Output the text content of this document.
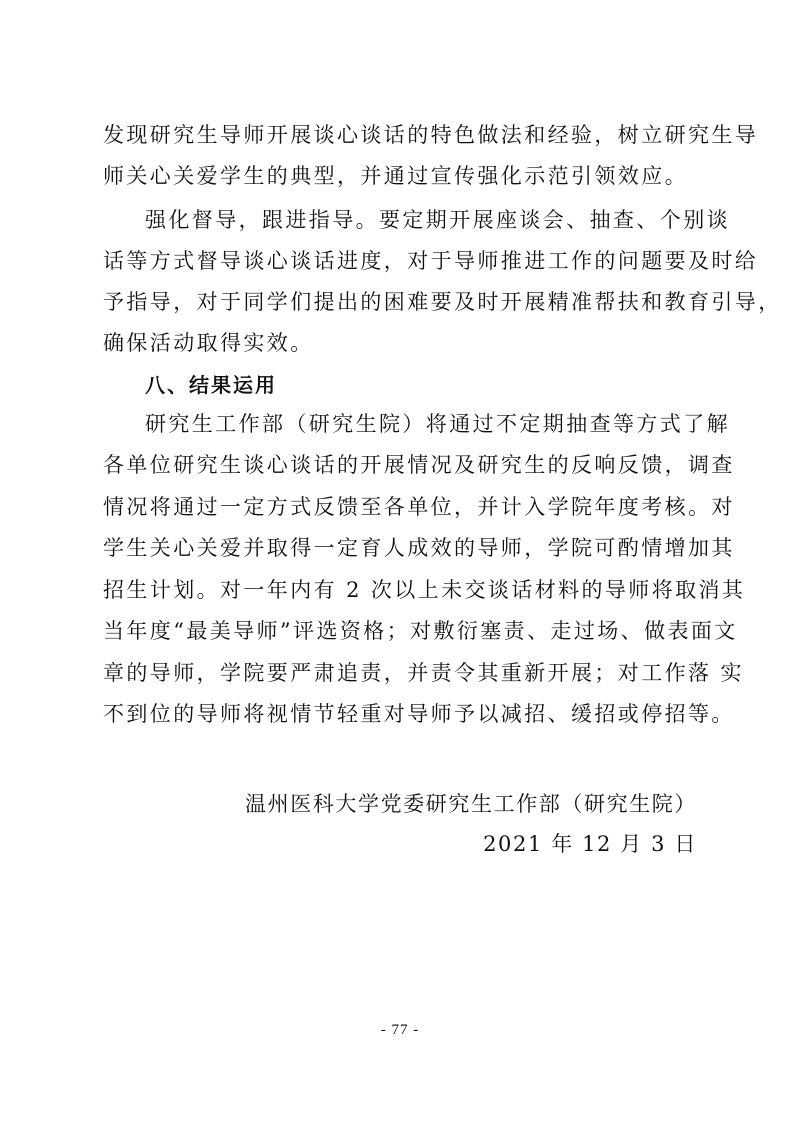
发现研究生导师开展谈心谈话的特色做法和经验，树立研究生导
师关心关爱学生的典型，并通过宣传强化示范引领效应。
强化督导，跟进指导。要定期开展座谈会、抽查、个别谈
话等方式督导谈心谈话进度，对于导师推进工作的问题要及时给
予指导，对于同学们提出的困难要及时开展精准帮扶和教育引导，
确保活动取得实效。
八、结果运用
研究生工作部（研究生院）将通过不定期抽查等方式了解
各单位研究生谈心谈话的开展情况及研究生的反响反馈，调查
情况将通过一定方式反馈至各单位，并计入学院年度考核。对
学生关心关爱并取得一定育人成效的导师，学院可酌情增加其
招生计划。对一年内有 2 次以上未交谈话材料的导师将取消其
当年度“最美导师”评选资格；对敷衍塞责、走过场、做表面文
章的导师，学院要严肃追责，并责令其重新开展；对工作落 实
不到位的导师将视情节轻重对导师予以减招、缓招或停招等。
温州医科大学党委研究生工作部（研究生院）
2021 年 12 月 3 日
- 77 -
